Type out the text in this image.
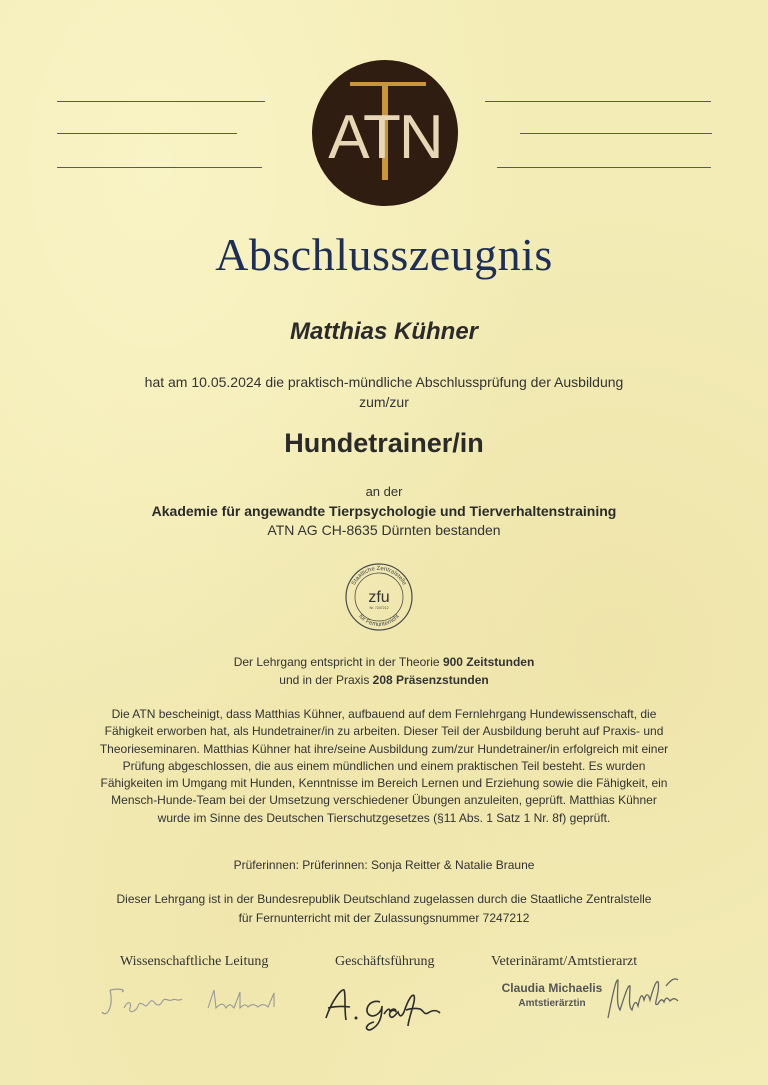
ATN
Abschlusszeugnis
Matthias Kühner
hat am 10.05.2024 die praktisch-mündliche Abschlussprüfung der Ausbildung
zum/zur
Hundetrainer/in
an der
Akademie für angewandte Tierpsychologie und Tierverhaltenstraining
ATN AG CH-8635 Dürnten bestanden
Staatliche Zentralstelle
für Fernunterricht
zfu
Nr. 7247212
Der Lehrgang entspricht in der Theorie 900 Zeitstunden
und in der Praxis 208 Präsenzstunden
Die ATN bescheinigt, dass Matthias Kühner, aufbauend auf dem Fernlehrgang Hundewissenschaft, die Fähigkeit erworben hat, als Hundetrainer/in zu arbeiten. Dieser Teil der Ausbildung beruht auf Praxis- und Theorieseminaren. Matthias Kühner hat ihre/seine Ausbildung zum/zur Hundetrainer/in erfolgreich mit einer Prüfung abgeschlossen, die aus einem mündlichen und einem praktischen Teil besteht. Es wurden Fähigkeiten im Umgang mit Hunden, Kenntnisse im Bereich Lernen und Erziehung sowie die Fähigkeit, ein Mensch-Hunde-Team bei der Umsetzung verschiedener Übungen anzuleiten, geprüft. Matthias Kühner wurde im Sinne des Deutschen Tierschutzgesetzes (§11 Abs. 1 Satz 1 Nr. 8f) geprüft.
Prüferinnen: Prüferinnen: Sonja Reitter & Natalie Braune
Dieser Lehrgang ist in der Bundesrepublik Deutschland zugelassen durch die Staatliche Zentralstelle
für Fernunterricht mit der Zulassungsnummer 7247212
Wissenschaftliche Leitung	Geschäftsführung	Veterinäramt/Amtstierarzt
Claudia Michaelis
Amtstierärztin
